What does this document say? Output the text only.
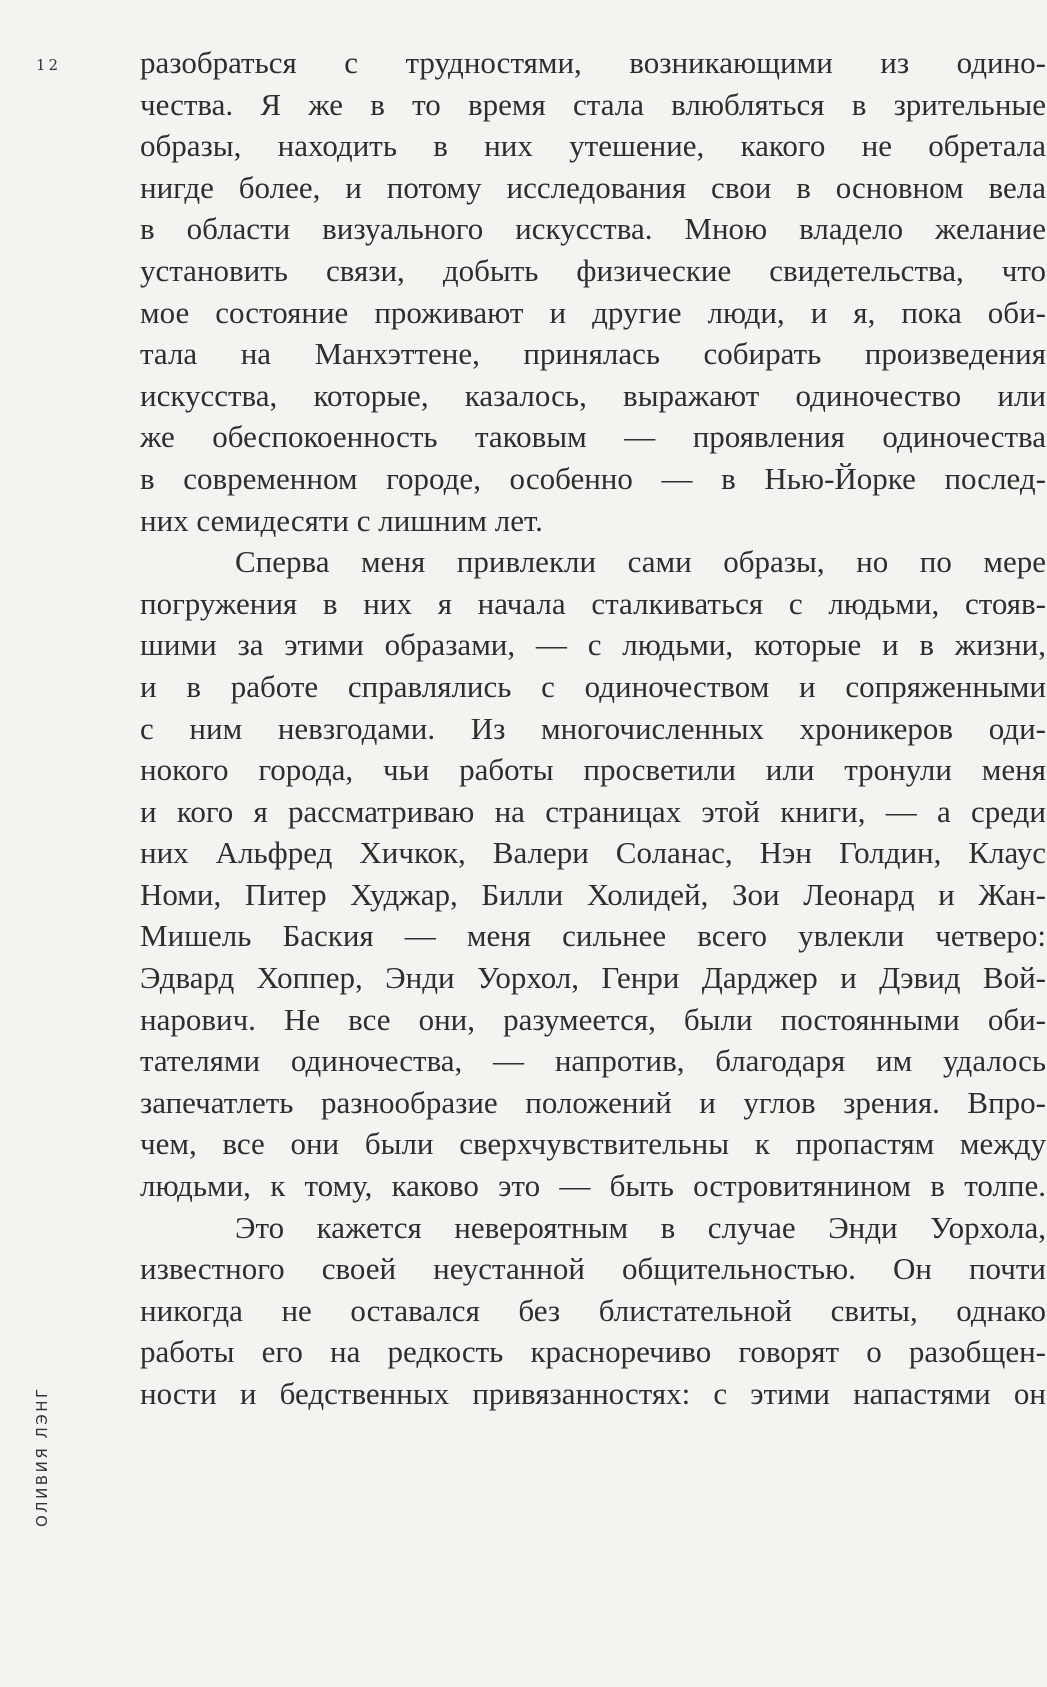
12
ОЛИВИЯ ЛЭНГ
разобраться с трудностями, возникающими из одино-
чества. Я же в то время стала влюбляться в зрительные
образы, находить в них утешение, какого не обретала
нигде более, и потому исследования свои в основном вела
в области визуального искусства. Мною владело желание
установить связи, добыть физические свидетельства, что
мое состояние проживают и другие люди, и я, пока оби-
тала на Манхэттене, принялась собирать произведения
искусства, которые, казалось, выражают одиночество или
же обеспокоенность таковым — проявления одиночества
в современном городе, особенно — в Нью-Йорке послед-
них семидесяти с лишним лет.
Сперва меня привлекли сами образы, но по мере
погружения в них я начала сталкиваться с людьми, стояв-
шими за этими образами, — с людьми, которые и в жизни,
и в работе справлялись с одиночеством и сопряженными
с ним невзгодами. Из многочисленных хроникеров оди-
нокого города, чьи работы просветили или тронули меня
и кого я рассматриваю на страницах этой книги, — а среди
них Альфред Хичкок, Валери Соланас, Нэн Голдин, Клаус
Номи, Питер Худжар, Билли Холидей, Зои Леонард и Жан-
Мишель Баския — меня сильнее всего увлекли четверо:
Эдвард Хоппер, Энди Уорхол, Генри Дарджер и Дэвид Вой-
нарович. Не все они, разумеется, были постоянными оби-
тателями одиночества, — напротив, благодаря им удалось
запечатлеть разнообразие положений и углов зрения. Впро-
чем, все они были сверхчувствительны к пропастям между
людьми, к тому, каково это — быть островитянином в толпе.
Это кажется невероятным в случае Энди Уорхола,
известного своей неустанной общительностью. Он почти
никогда не оставался без блистательной свиты, однако
работы его на редкость красноречиво говорят о разобщен-
ности и бедственных привязанностях: с этими напастями он
